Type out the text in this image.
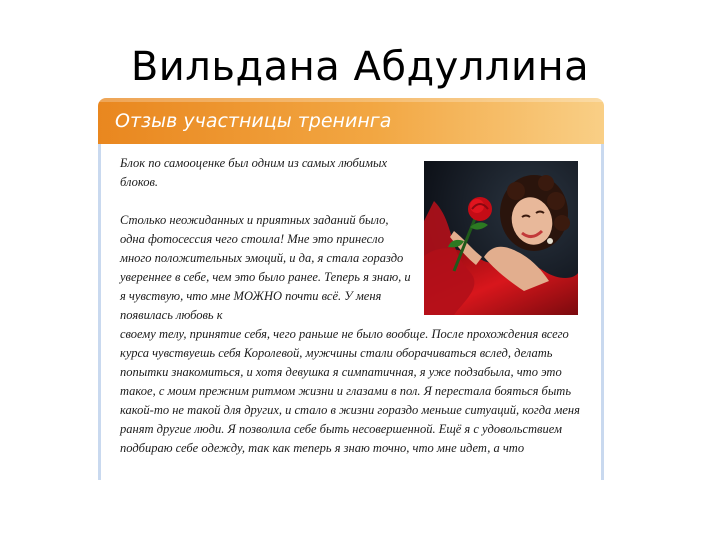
Вильдана Абдуллина
Отзыв участницы тренинга

Блок по самооценке был одним из самых любимых блоков.

Столько неожиданных и приятных заданий было, одна фотосессия чего стоила! Мне это принесло много положительных эмоций, и да, я стала гораздо увереннее в себе, чем это было ранее. Теперь я знаю, и я чувствую, что мне МОЖНО почти всё. У меня появилась любовь к

своему телу, принятие себя, чего раньше не было вообще. После прохождения всего курса чувствуешь себя Королевой, мужчины стали оборачиваться вслед, делать попытки знакомиться, и хотя девушка я симпатичная, я уже подзабыла, что это такое, с моим прежним ритмом жизни и глазами в пол. Я перестала бояться быть какой-то не такой для других, и стало в жизни гораздо меньше ситуаций, когда меня ранят другие люди. Я позволила себе быть несовершенной. Ещё я с удовольствием подбираю себе одежду, так как теперь я знаю точно, что мне идет, а что
